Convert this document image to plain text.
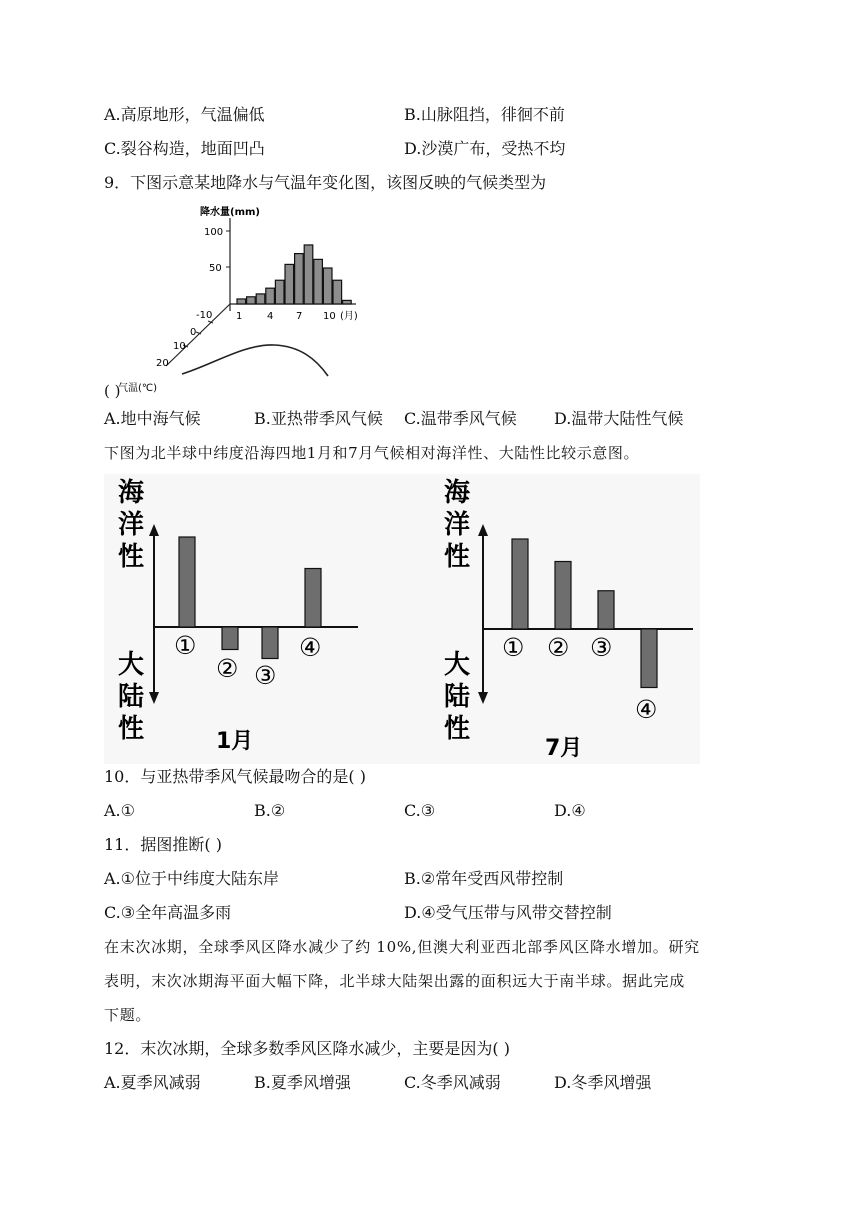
A.高原地形，气温偏低	B.山脉阻挡，徘徊不前
C.裂谷构造，地面凹凸	D.沙漠广布，受热不均
9．下图示意某地降水与气温年变化图，该图反映的气候类型为
降水量(mm)
100
50
-10 1 4 7 10 (月)
0
10
20
气温(℃)
( )
A.地中海气候	B.亚热带季风气候 C.温带季风气候 D.温带大陆性气候
下图为北半球中纬度沿海四地1月和7月气候相对海洋性、大陆性比较示意图。
海
洋
性
大
陆
性
①
② ③
④
1月
海
洋
性
大
陆
性
① ② ③
④
7月
10．与亚热带季风气候最吻合的是( )
A.①	B.②	C.③	D.④
11．据图推断( )
A.①位于中纬度大陆东岸	B.②常年受西风带控制
C.③全年高温多雨	D.④受气压带与风带交替控制
在末次冰期，全球季风区降水减少了约 10%,但澳大利亚西北部季风区降水增加。研究
表明，末次冰期海平面大幅下降，北半球大陆架出露的面积远大于南半球。据此完成
下题。
12．末次冰期，全球多数季风区降水减少，主要是因为( )
A.夏季风减弱	B.夏季风增强	C.冬季风减弱	D.冬季风增强
